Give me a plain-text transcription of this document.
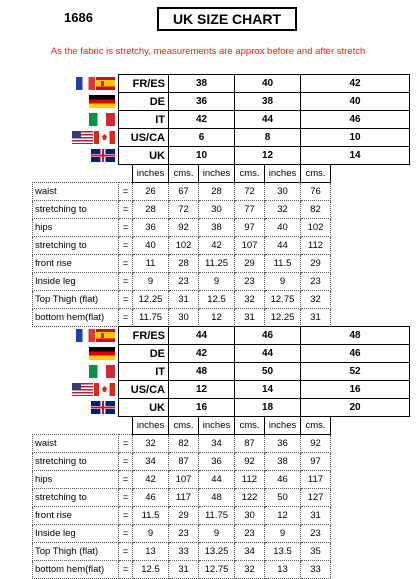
1686	UK SIZE CHART
As the fabric is stretchy, measurements are approx before and after stretch
	FR/ES		38		40		42

	DE		36		38		40

	IT		42		44		46

	US/CA		6		8		10

	UK		10		12		14
		inches	cms.	inches	cms.	inches	cms.
waist	=	26	67	28	72	30	76
stretching to	=	28	72	30	77	32	82
hips	=	36	92	38	97	40	102
stretching to	=	40	102	42	107	44	112
front rise	=	11	28	11.25	29	11.5	29
Inside leg	=	9	23	9	23	9	23
Top Thigh (flat)	=	12.25	31	12.5	32	12.75	32
bottom hem(flat)	=	11.75	30	12	31	12.25	31
	FR/ES		44		46		48

	DE		42		44		46

	IT		48		50		52

	US/CA		12		14		16

	UK		16		18		20
		inches	cms.	inches	cms.	inches	cms.
waist	=	32	82	34	87	36	92
stretching to	=	34	87	36	92	38	97
hips	=	42	107	44	112	46	117
stretching to	=	46	117	48	122	50	127
front rise	=	11.5	29	11.75	30	12	31
Inside leg	=	9	23	9	23	9	23
Top Thigh (flat)	=	13	33	13.25	34	13.5	35
bottom hem(flat)	=	12.5	31	12.75	32	13	33
